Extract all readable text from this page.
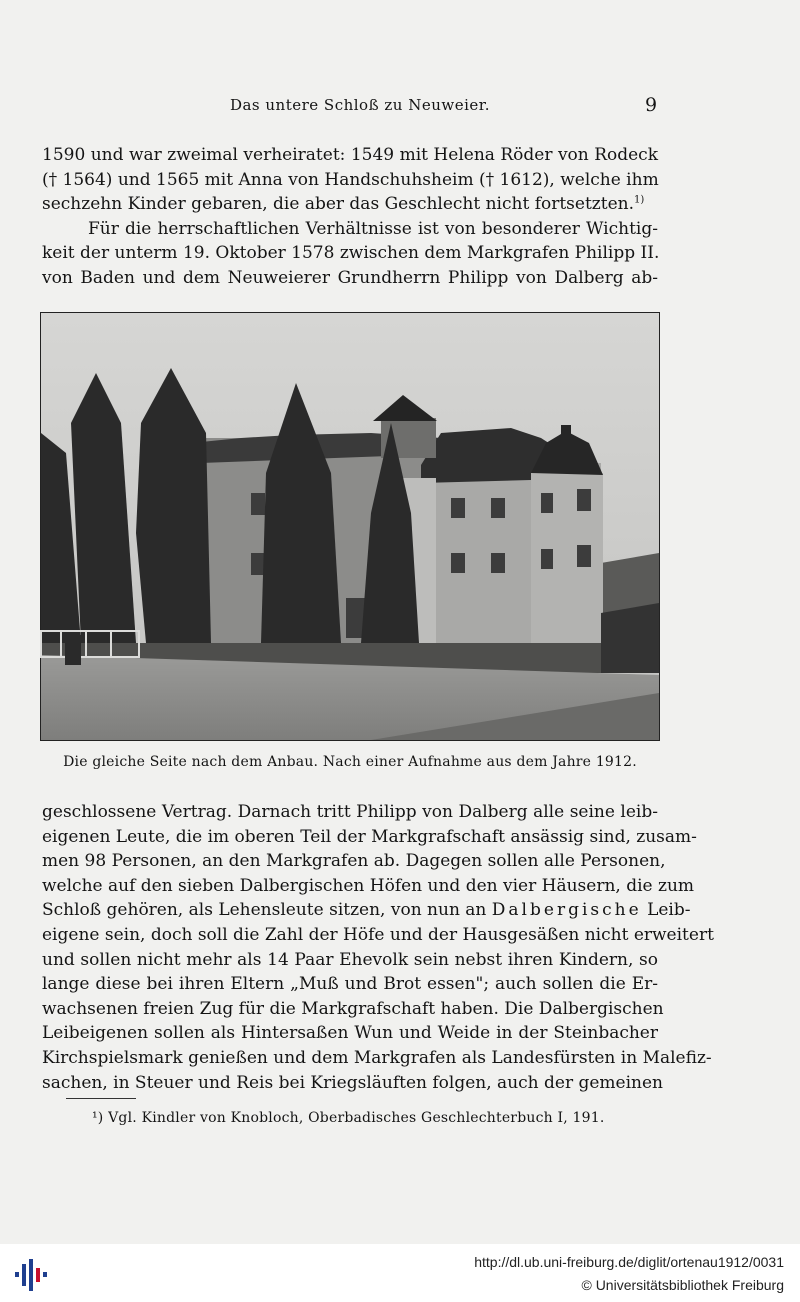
Das untere Schloß zu Neuweier.	9
1590 und war zweimal verheiratet: 1549 mit Helena Röder von Rodeck
(† 1564) und 1565 mit Anna von Handschuhsheim († 1612), welche ihm
sechzehn Kinder gebaren, die aber das Geschlecht nicht fortsetzten.$^{1)}$
Für die herrschaftlichen Verhältnisse ist von besonderer Wichtig-
keit der unterm 19. Oktober 1578 zwischen dem Markgrafen Philipp II.
von Baden und dem Neuweierer Grundherrn Philipp von Dalberg ab-
Die gleiche Seite nach dem Anbau. Nach einer Aufnahme aus dem Jahre 1912.
geschlossene Vertrag. Darnach tritt Philipp von Dalberg alle seine leib-
eigenen Leute, die im oberen Teil der Markgrafschaft ansässig sind, zusam-
men 98 Personen, an den Markgrafen ab. Dagegen sollen alle Personen,
welche auf den sieben Dalbergischen Höfen und den vier Häusern, die zum
Schloß gehören, als Lehensleute sitzen, von nun an Dalbergische Leib-
eigene sein, doch soll die Zahl der Höfe und der Hausgesäßen nicht erweitert
und sollen nicht mehr als 14 Paar Ehevolk sein nebst ihren Kindern, so
lange diese bei ihren Eltern „Muß und Brot essen"; auch sollen die Er-
wachsenen freien Zug für die Markgrafschaft haben. Die Dalbergischen
Leibeigenen sollen als Hintersaßen Wun und Weide in der Steinbacher
Kirchspielsmark genießen und dem Markgrafen als Landesfürsten in Malefiz-
sachen, in Steuer und Reis bei Kriegsläuften folgen, auch der gemeinen
¹) Vgl. Kindler von Knobloch, Oberbadisches Geschlechterbuch I, 191.
http://dl.ub.uni-freiburg.de/diglit/ortenau1912/0031
© Universitätsbibliothek Freiburg
